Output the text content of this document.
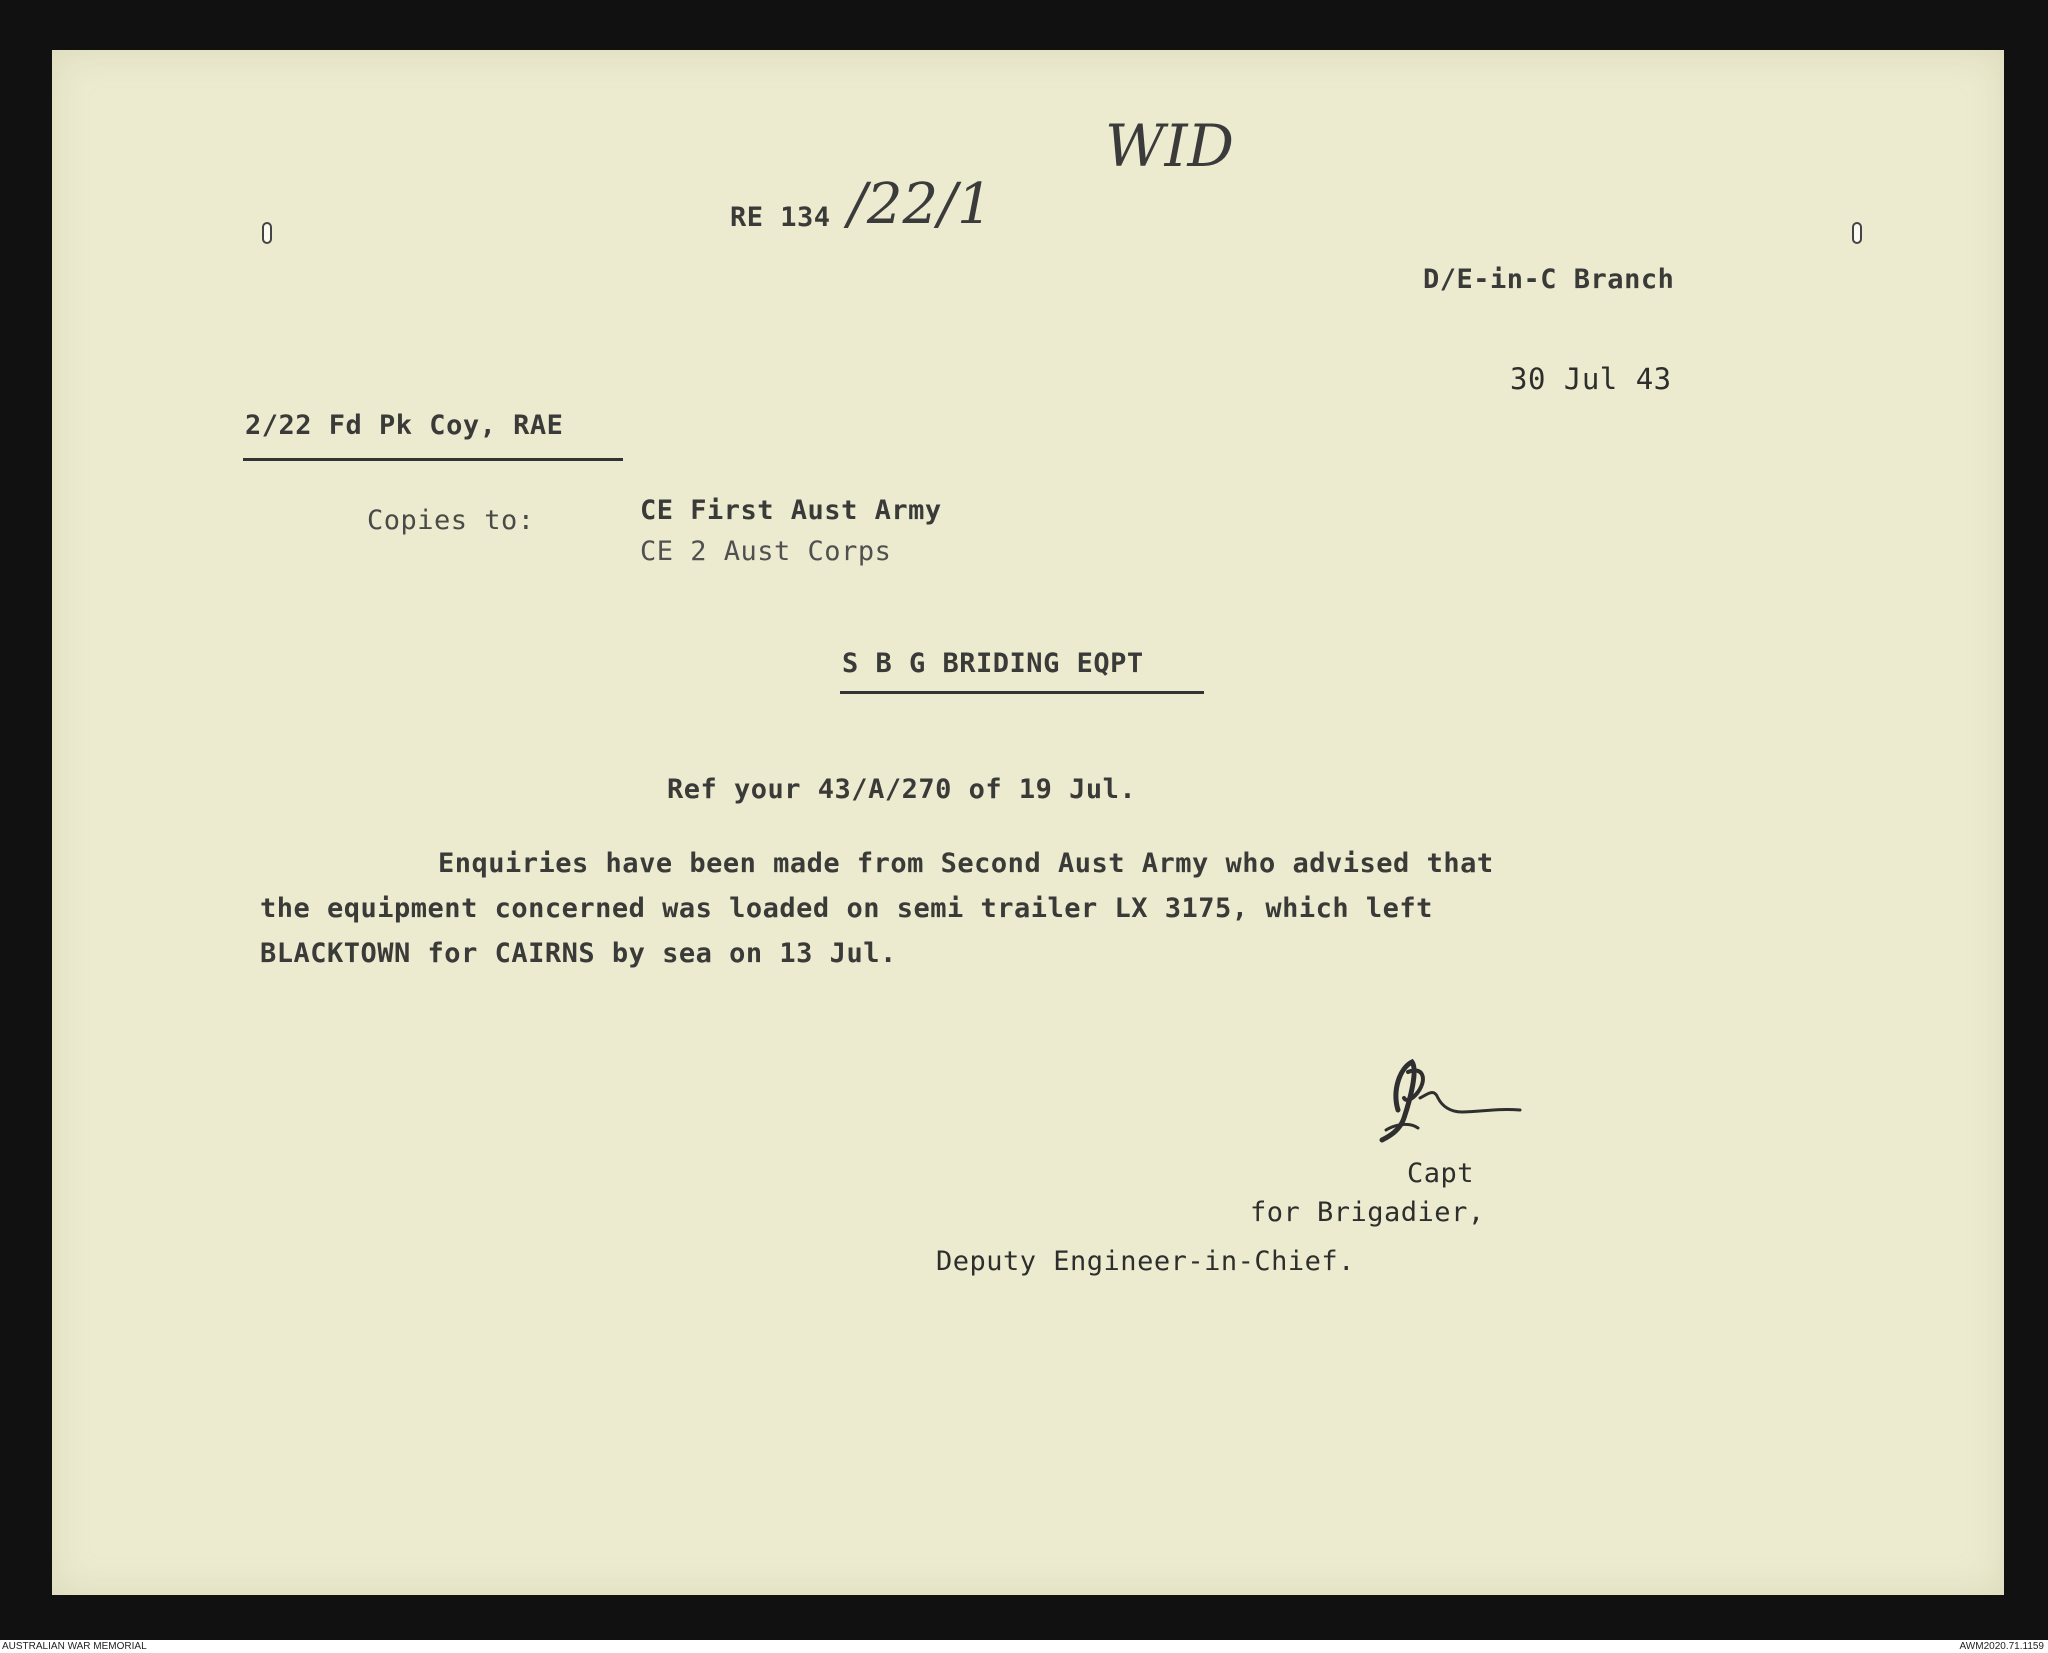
WID
RE 134 /22/1
D/E-in-C Branch
30 Jul 43
2/22 Fd Pk Coy, RAE
Copies to:	CE First Aust Army
CE 2 Aust Corps
S B G BRIDING EQPT
Ref your 43/A/270 of 19 Jul.
Enquiries have been made from Second Aust Army who advised that
the equipment concerned was loaded on semi trailer LX 3175, which left
BLACKTOWN for CAIRNS by sea on 13 Jul.
Capt
for Brigadier,
Deputy Engineer-in-Chief.
AUSTRALIAN WAR MEMORIAL	AWM2020.71.1159
